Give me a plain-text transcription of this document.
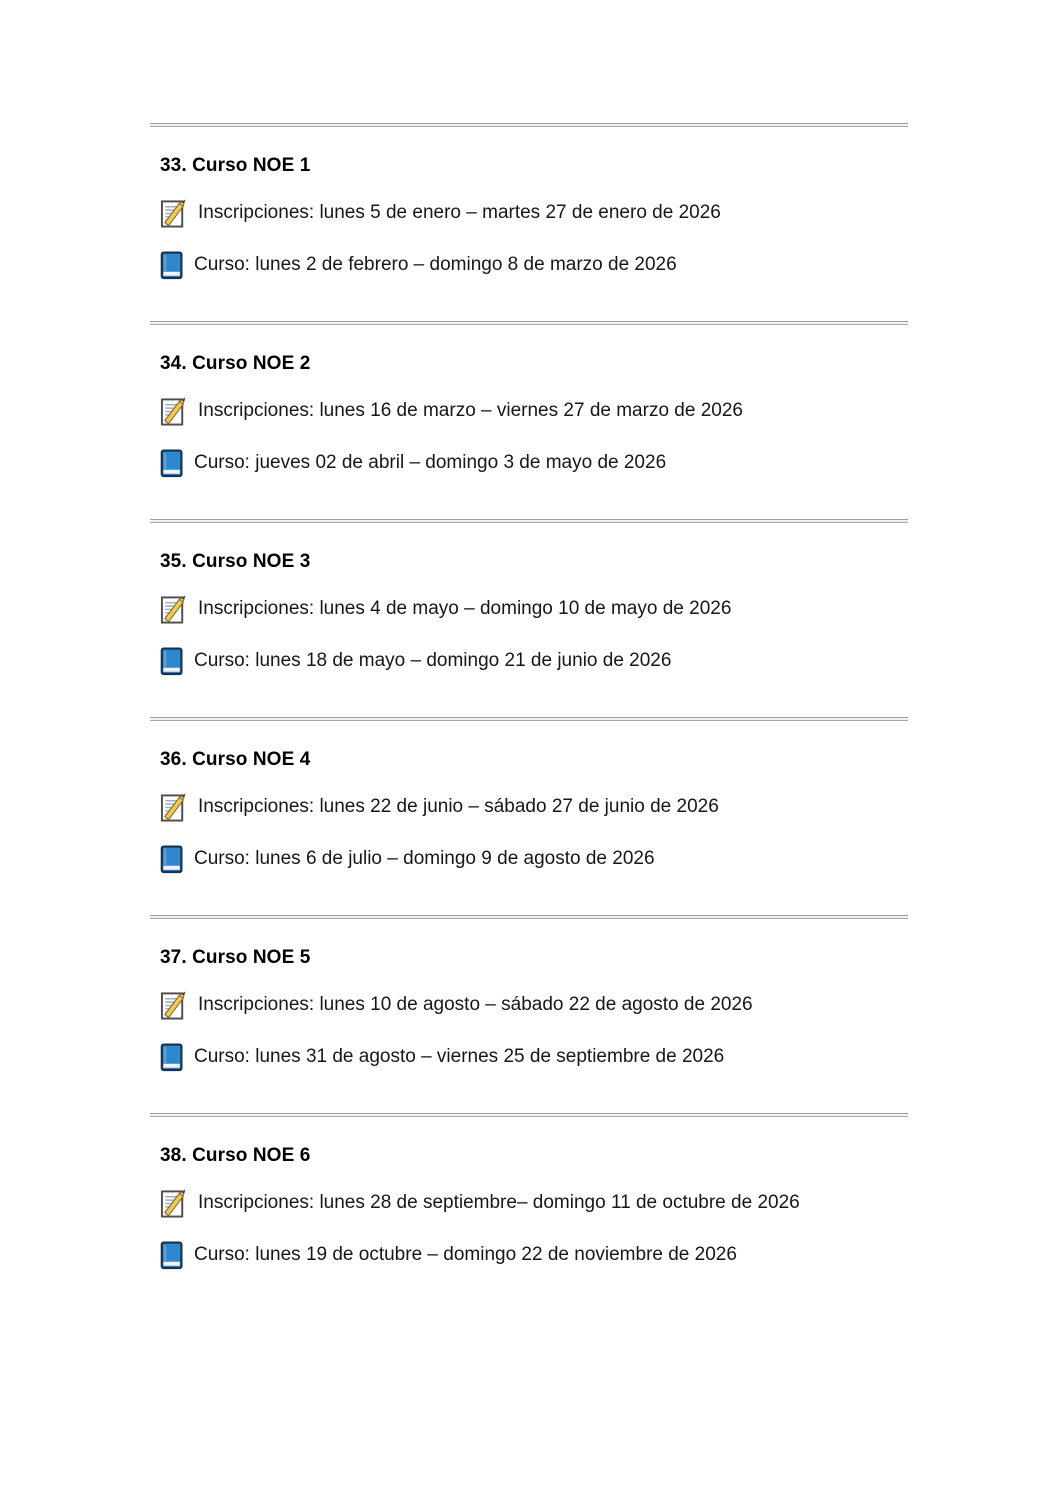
33. Curso NOE 1
Inscripciones: lunes 5 de enero – martes 27 de enero de 2026
Curso: lunes 2 de febrero – domingo 8 de marzo de 2026
34. Curso NOE 2
Inscripciones: lunes 16 de marzo – viernes 27 de marzo de 2026
Curso: jueves 02 de abril – domingo 3 de mayo de 2026
35. Curso NOE 3
Inscripciones: lunes 4 de mayo – domingo 10 de mayo de 2026
Curso: lunes 18 de mayo – domingo 21 de junio de 2026
36. Curso NOE 4
Inscripciones: lunes 22 de junio – sábado 27 de junio de 2026
Curso: lunes 6 de julio – domingo 9 de agosto de 2026
37. Curso NOE 5
Inscripciones: lunes 10 de agosto – sábado 22 de agosto de 2026
Curso: lunes 31 de agosto – viernes 25 de septiembre de 2026
38. Curso NOE 6
Inscripciones: lunes 28 de septiembre– domingo 11 de octubre de 2026
Curso: lunes 19 de octubre – domingo 22 de noviembre de 2026
